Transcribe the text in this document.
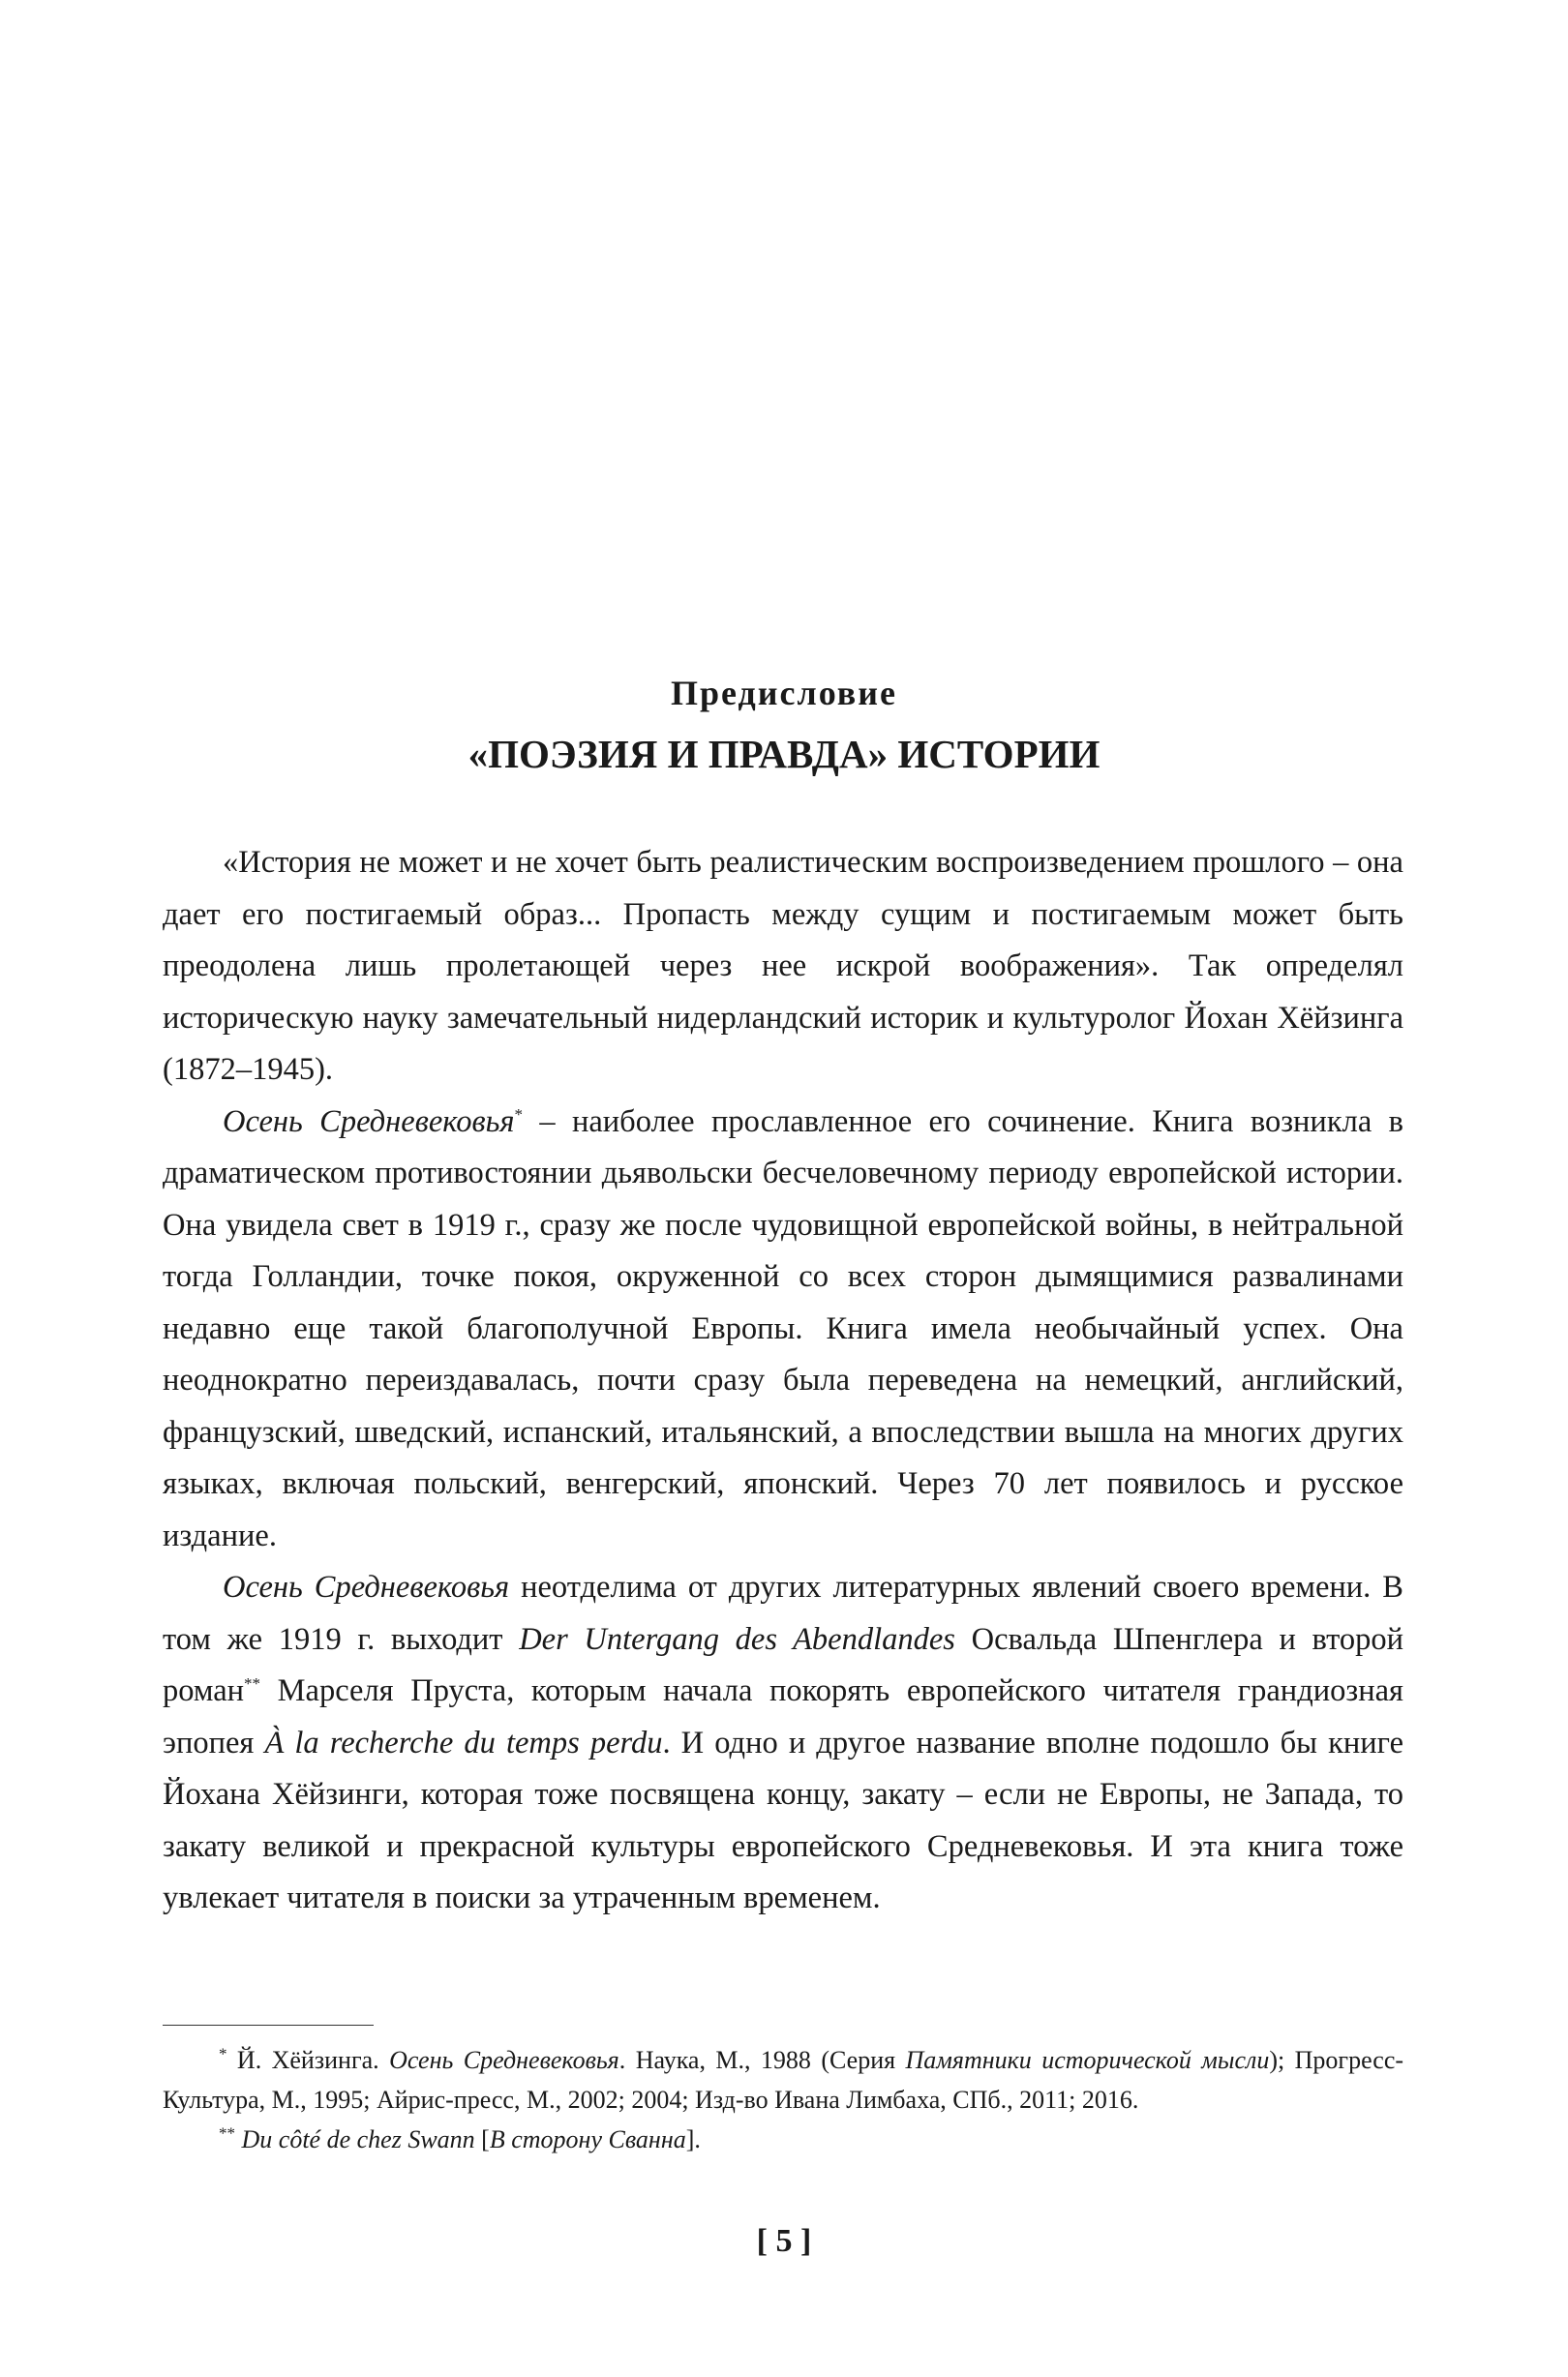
Предисловие
«ПОЭЗИЯ И ПРАВДА» ИСТОРИИ

«История не может и не хочет быть реалистическим воспроизведением прошлого – она дает его постигаемый образ... Пропасть между сущим и постигаемым может быть преодолена лишь пролетающей через нее искрой воображения». Так определял историческую науку замечательный нидерландский историк и культуролог Йохан Хёйзинга (1872–1945).

Осень Средневековья* – наиболее прославленное его сочинение. Книга возникла в драматическом противостоянии дьявольски бесчеловечному периоду европейской истории. Она увидела свет в 1919 г., сразу же после чудовищной европейской войны, в нейтральной тогда Голландии, точке покоя, окруженной со всех сторон дымящимися развалинами недавно еще такой благополучной Европы. Книга имела необычайный успех. Она неоднократно переиздавалась, почти сразу была переведена на немецкий, английский, французский, шведский, испанский, итальянский, а впоследствии вышла на многих других языках, включая польский, венгерский, японский. Через 70 лет появилось и русское издание.

Осень Средневековья неотделима от других литературных явлений своего времени. В том же 1919 г. выходит Der Untergang des Abendlandes Освальда Шпенглера и второй роман** Марселя Пруста, которым начала покорять европейского читателя грандиозная эпопея À la recherche du temps perdu. И одно и другое название вполне подошло бы книге Йохана Хёйзинги, которая тоже посвящена концу, закату – если не Европы, не Запада, то закату великой и прекрасной культуры европейского Средневековья. И эта книга тоже увлекает читателя в поиски за утраченным временем.

* Й. Хёйзинга. Осень Средневековья. Наука, М., 1988 (Серия Памятники исторической мысли); Прогресс-Культура, М., 1995; Айрис-пресс, М., 2002; 2004; Изд-во Ивана Лимбаха, СПб., 2011; 2016.

** Du côté de chez Swann [В сторону Сванна].

[ 5 ]
